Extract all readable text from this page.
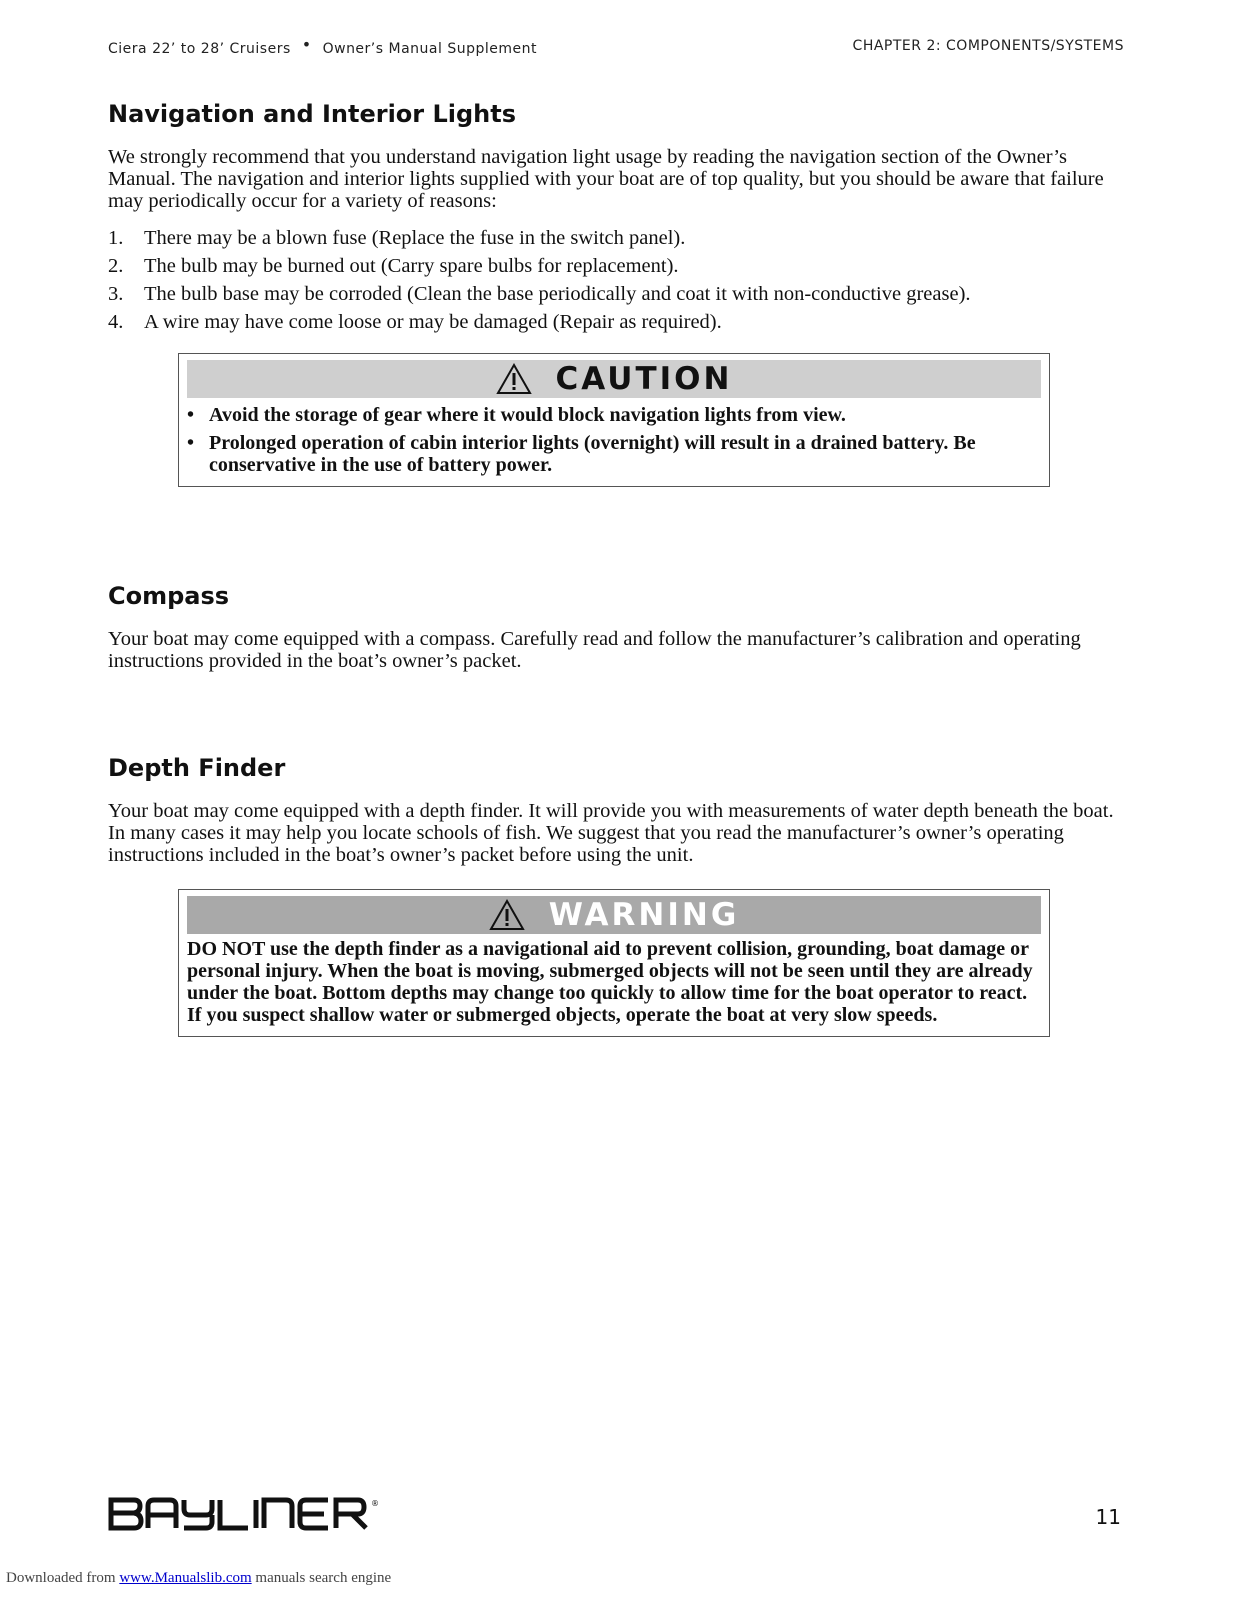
Ciera 22’ to 28’ Cruisers • Owner’s Manual Supplement	CHAPTER 2: COMPONENTS/SYSTEMS
Navigation and Interior Lights

We strongly recommend that you understand navigation light usage by reading the navigation section of the Owner’s Manual. The navigation and interior lights supplied with your boat are of top quality, but you should be aware that failure may periodically occur for a variety of reasons:

1.	There may be a blown fuse (Replace the fuse in the switch panel).
2.	The bulb may be burned out (Carry spare bulbs for replacement).
3.	The bulb base may be corroded (Clean the base periodically and coat it with non-conductive grease).
4.	A wire may have come loose or may be damaged (Repair as required).
CAUTION
• Avoid the storage of gear where it would block navigation lights from view.
• Prolonged operation of cabin interior lights (overnight) will result in a drained battery. Be conservative in the use of battery power.
Compass

Your boat may come equipped with a compass. Carefully read and follow the manufacturer’s calibration and operating instructions provided in the boat’s owner’s packet.

Depth Finder

Your boat may come equipped with a depth finder. It will provide you with measurements of water depth beneath the boat. In many cases it may help you locate schools of fish. We suggest that you read the manufacturer’s owner’s operating instructions included in the boat’s owner’s packet before using the unit.

WARNING

DO NOT use the depth finder as a navigational aid to prevent collision, grounding, boat damage or personal injury. When the boat is moving, submerged objects will not be seen until they are already under the boat. Bottom depths may change too quickly to allow time for the boat operator to react. If you suspect shallow water or submerged objects, operate the boat at very slow speeds.

®
11
Downloaded from www.Manualslib.com manuals search engine
